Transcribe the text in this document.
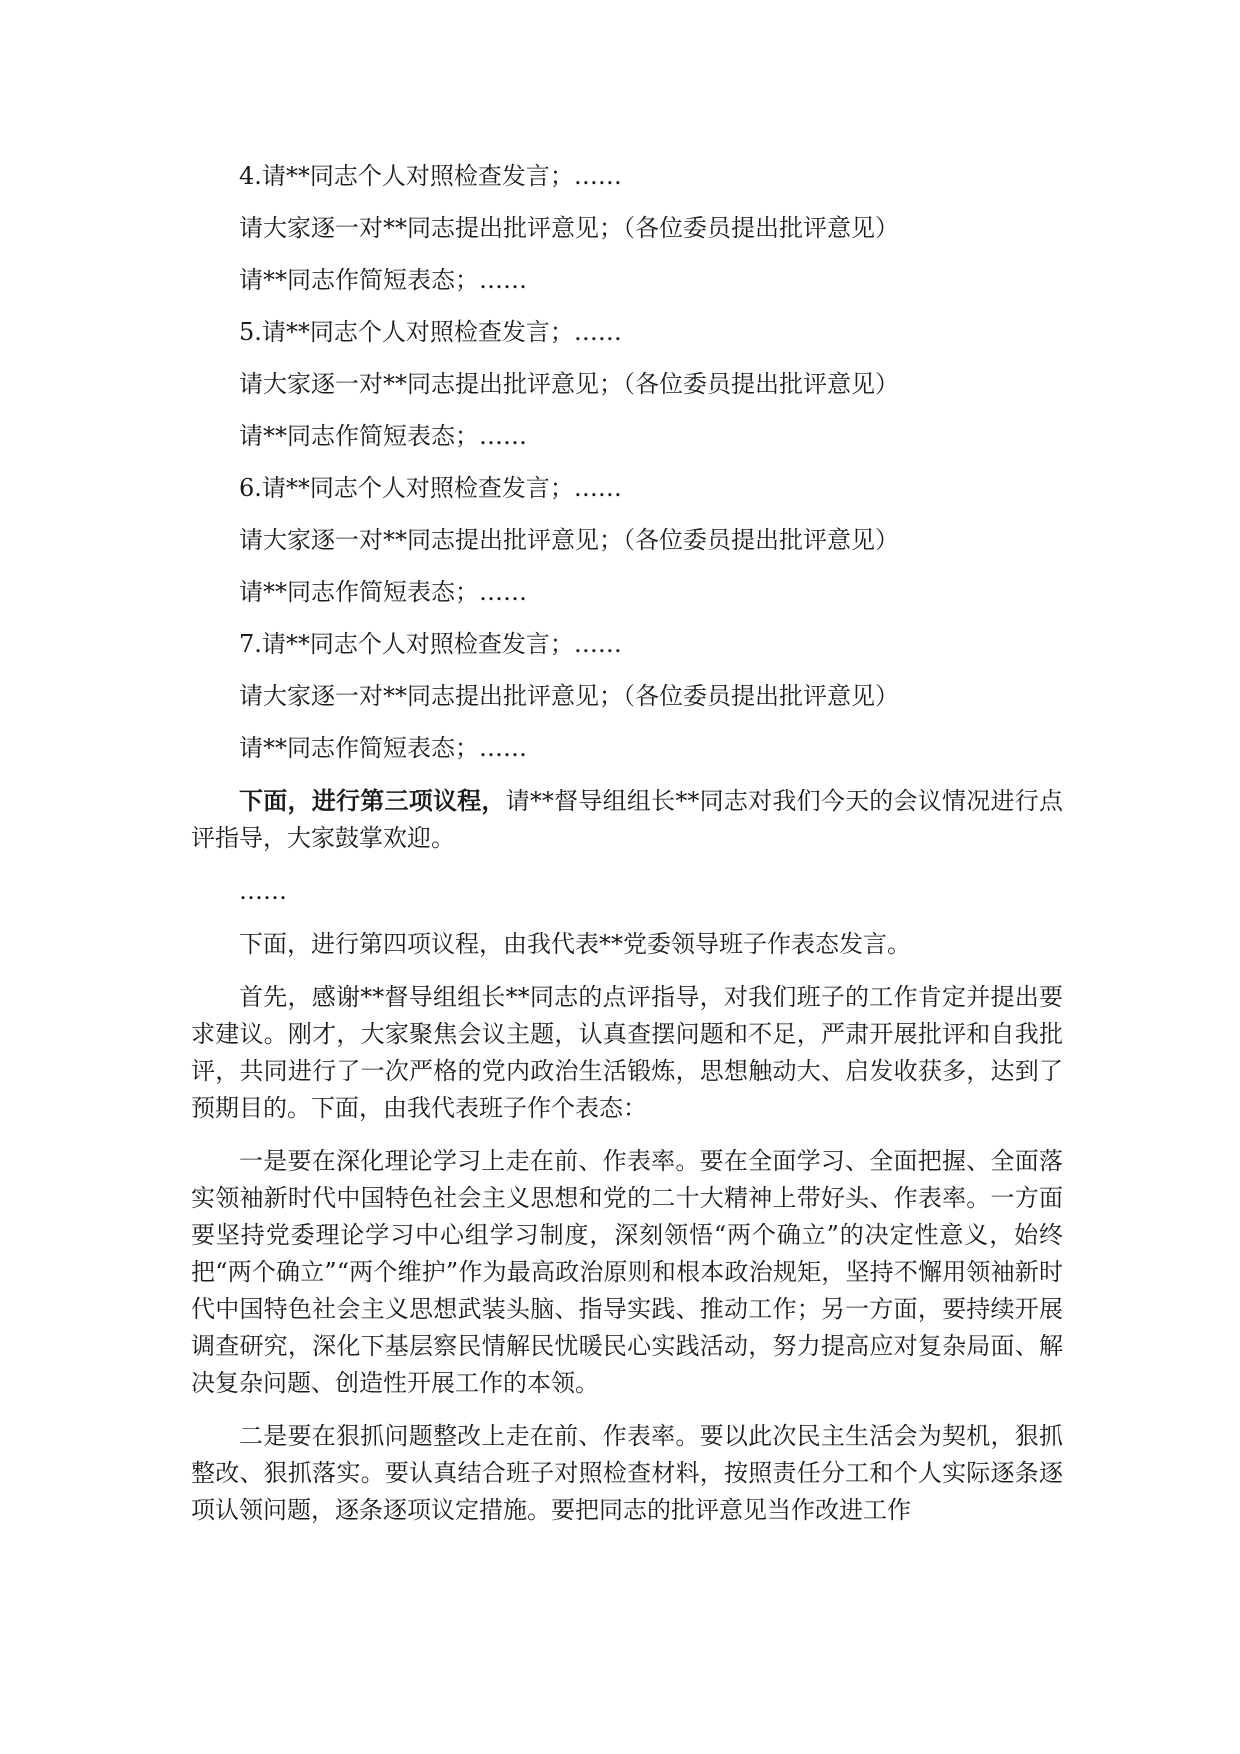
4.请**同志个人对照检查发言；……
请大家逐一对**同志提出批评意见；（各位委员提出批评意见）
请**同志作简短表态；……
5.请**同志个人对照检查发言；……
请大家逐一对**同志提出批评意见；（各位委员提出批评意见）
请**同志作简短表态；……
6.请**同志个人对照检查发言；……
请大家逐一对**同志提出批评意见；（各位委员提出批评意见）
请**同志作简短表态；……
7.请**同志个人对照检查发言；……
请大家逐一对**同志提出批评意见；（各位委员提出批评意见）
请**同志作简短表态；……

下面，进行第三项议程，请**督导组组长**同志对我们今天的会议情况进行点评指导，大家鼓掌欢迎。

……

下面，进行第四项议程，由我代表**党委领导班子作表态发言。

首先，感谢**督导组组长**同志的点评指导，对我们班子的工作肯定并提出要求建议。刚才，大家聚焦会议主题，认真查摆问题和不足，严肃开展批评和自我批评，共同进行了一次严格的党内政治生活锻炼，思想触动大、启发收获多，达到了预期目的。下面，由我代表班子作个表态：

一是要在深化理论学习上走在前、作表率。要在全面学习、全面把握、全面落实领袖新时代中国特色社会主义思想和党的二十大精神上带好头、作表率。一方面要坚持党委理论学习中心组学习制度，深刻领悟“两个确立”的决定性意义，始终把“两个确立”“两个维护”作为最高政治原则和根本政治规矩，坚持不懈用领袖新时代中国特色社会主义思想武装头脑、指导实践、推动工作；另一方面，要持续开展调查研究，深化下基层察民情解民忧暖民心实践活动，努力提高应对复杂局面、解决复杂问题、创造性开展工作的本领。

二是要在狠抓问题整改上走在前、作表率。要以此次民主生活会为契机，狠抓整改、狠抓落实。要认真结合班子对照检查材料，按照责任分工和个人实际逐条逐项认领问题，逐条逐项议定措施。要把同志的批评意见当作改进工作
